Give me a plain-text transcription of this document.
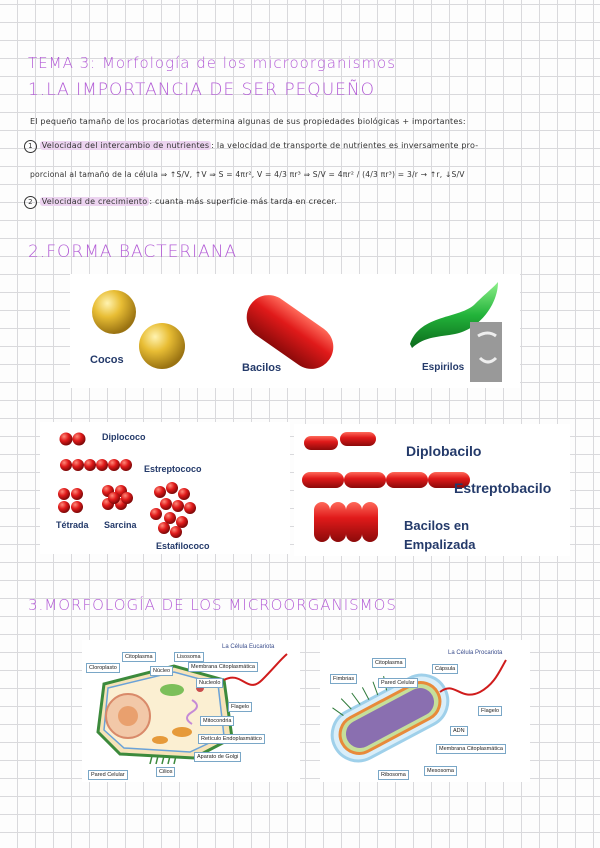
TEMA 3: Morfología de los microorganismos
1.LA IMPORTANCIA DE SER PEQUEÑO
El pequeño tamaño de los procariotas determina algunas de sus propiedades biológicas + importantes:
1 Velocidad del intercambio de nutrientes : la velocidad de transporte de nutrientes es inversamente pro-
porcional al tamaño de la célula ⇒ ↑S/V, ↑V ⇒ S = 4πr², V = 4/3 πr³ ⇒ S/V = 4πr² / (4/3 πr³) = 3/r → ↑r, ↓S/V
2 Velocidad de crecimiento : cuanta más superficie más tarda en crecer.
2.FORMA BACTERIANA
Cocos
Bacilos	Espirilos
Diplococo
Estreptococo
Tétrada Sarcina
Estafilococo
Diplobacilo
Estreptobacilo
Bacilos en
Empalizada
3.MORFOLOGÍA DE LOS MICROORGANISMOS
La Célula Eucariota
Citoplasma	Lisosoma
Cloroplasto	Núcleo
Membrana Citoplasmática
Nucleolo
Flagelo
Mitocondria
Retículo Endoplasmático
Aparato de Golgi
Pared Celular	Cilios
La Célula Procariota
Citoplasma
Cápsula
Fimbrias
Pared Celular
Flagelo
ADN
Membrana Citoplasmática
Ribosoma
Mesosoma
